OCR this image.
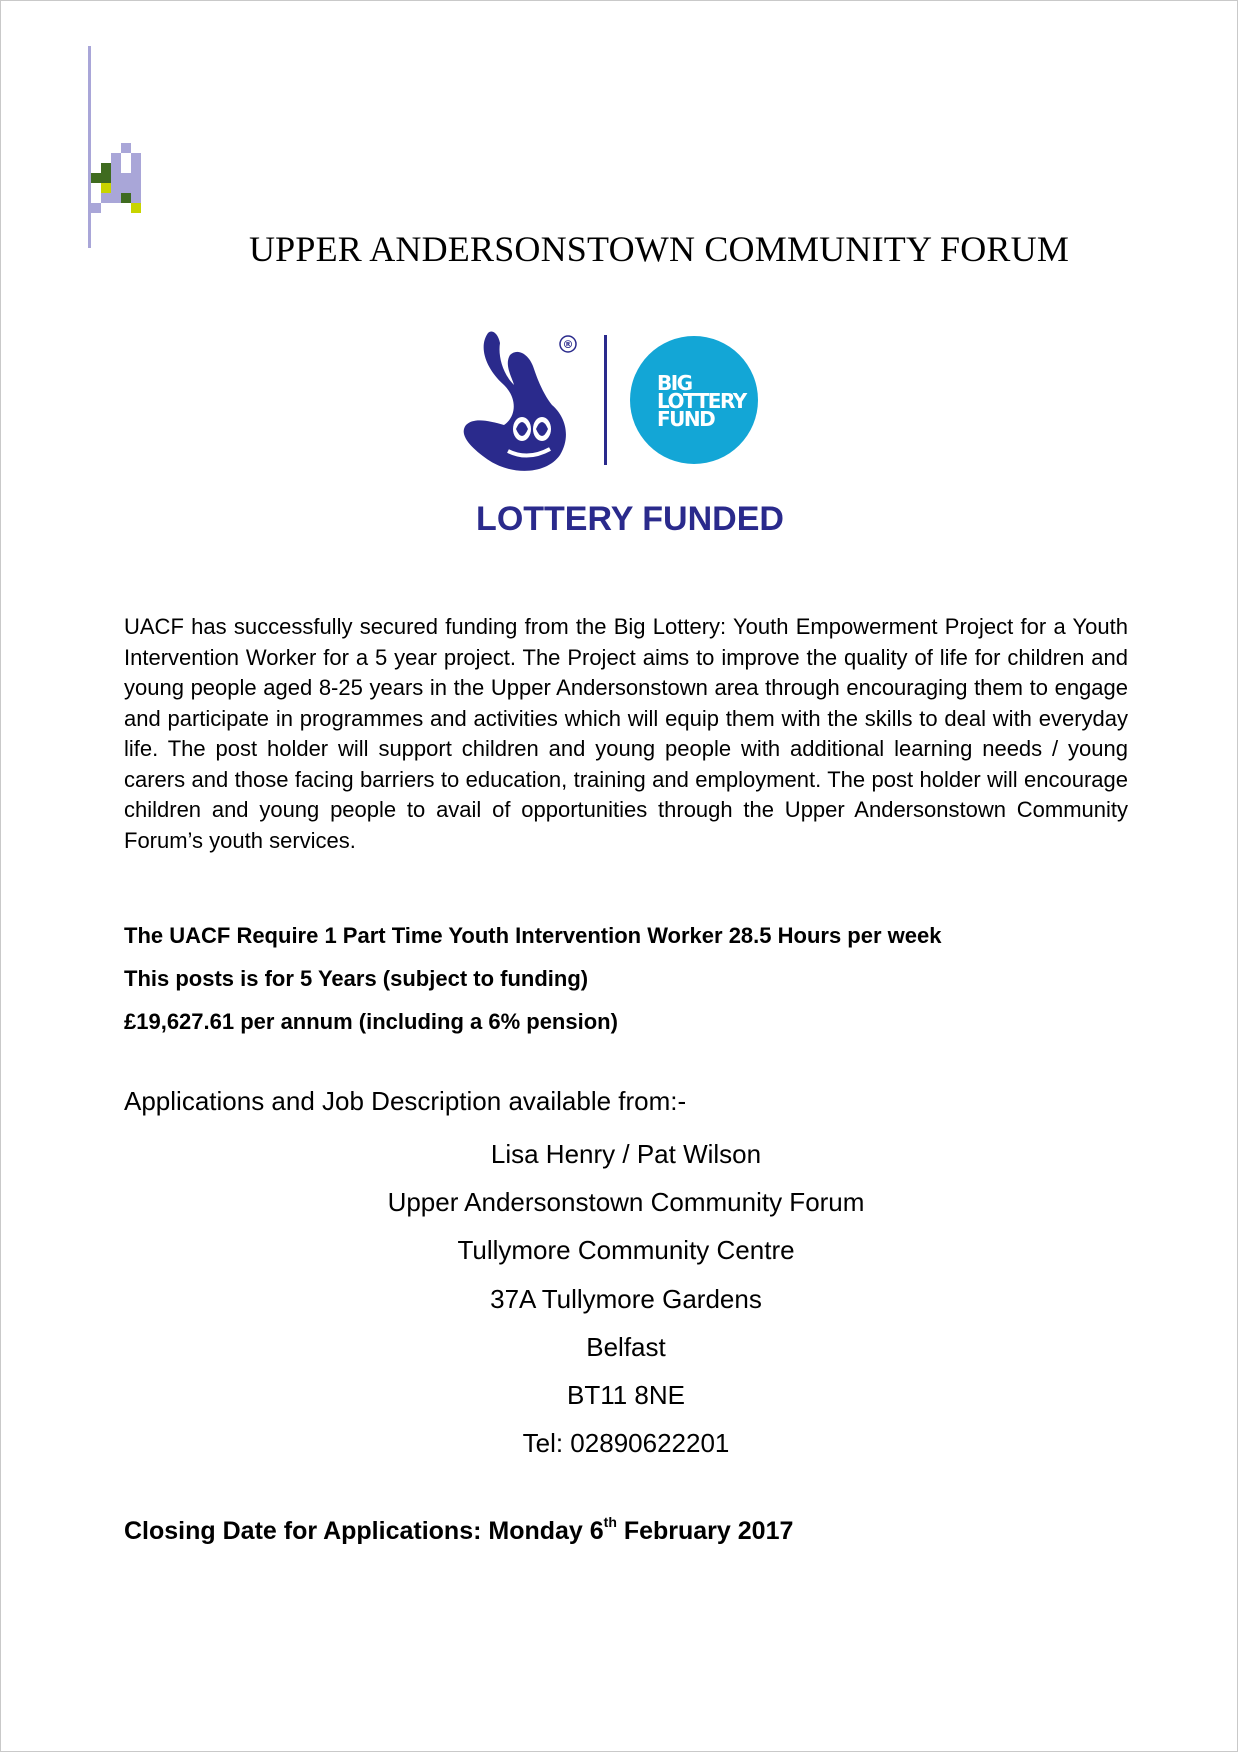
UPPER ANDERSONSTOWN COMMUNITY FORUM
®
BIG
LOTTERY
FUND
LOTTERY FUNDED

UACF has successfully secured funding from the Big Lottery: Youth Empowerment Project for a Youth Intervention Worker for a 5 year project. The Project aims to improve the quality of life for children and young people aged 8-25 years in the Upper Andersonstown area through encouraging them to engage and participate in programmes and activities which will equip them with the skills to deal with everyday life. The post holder will support children and young people with additional learning needs / young carers and those facing barriers to education, training and employment. The post holder will encourage children and young people to avail of opportunities through the Upper Andersonstown Community Forum’s youth services.

The UACF Require 1 Part Time Youth Intervention Worker 28.5 Hours per week
This posts is for 5 Years (subject to funding)
£19,627.61 per annum (including a 6% pension)
Applications and Job Description available from:-
Lisa Henry / Pat Wilson
Upper Andersonstown Community Forum
Tullymore Community Centre
37A Tullymore Gardens
Belfast
BT11 8NE
Tel: 02890622201
Closing Date for Applications: Monday 6th February 2017
